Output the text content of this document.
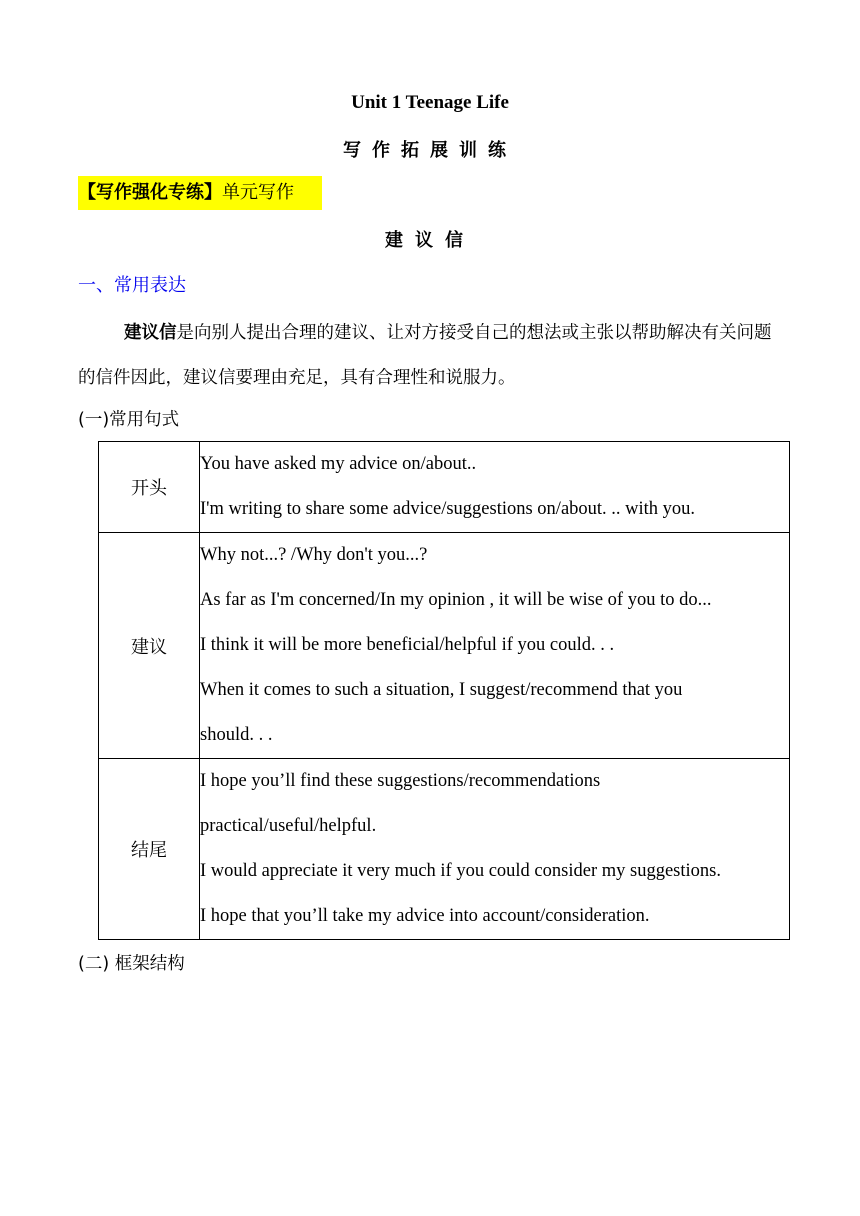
Unit 1 Teenage Life
写作拓展训练
【写作强化专练】单元写作
建议信
一、常用表达
建议信是向别人提出合理的建议、让对方接受自己的想法或主张以帮助解决有关问题的信件因此，建议信要理由充足，具有合理性和说服力。
(一)常用句式
开头	You have asked my advice on/about..
I'm writing to share some advice/suggestions on/about. .. with you.

建议	Why not...? /Why don't you...?
As far as I'm concerned/In my opinion , it will be wise of you to do...
I think it will be more beneficial/helpful if you could. . .
When it comes to such a situation, I suggest/recommend that you
should. . .

结尾	I hope you’ll find these suggestions/recommendations
practical/useful/helpful.
I would appreciate it very much if you could consider my suggestions.
I hope that you’ll take my advice into account/consideration.
(二) 框架结构
